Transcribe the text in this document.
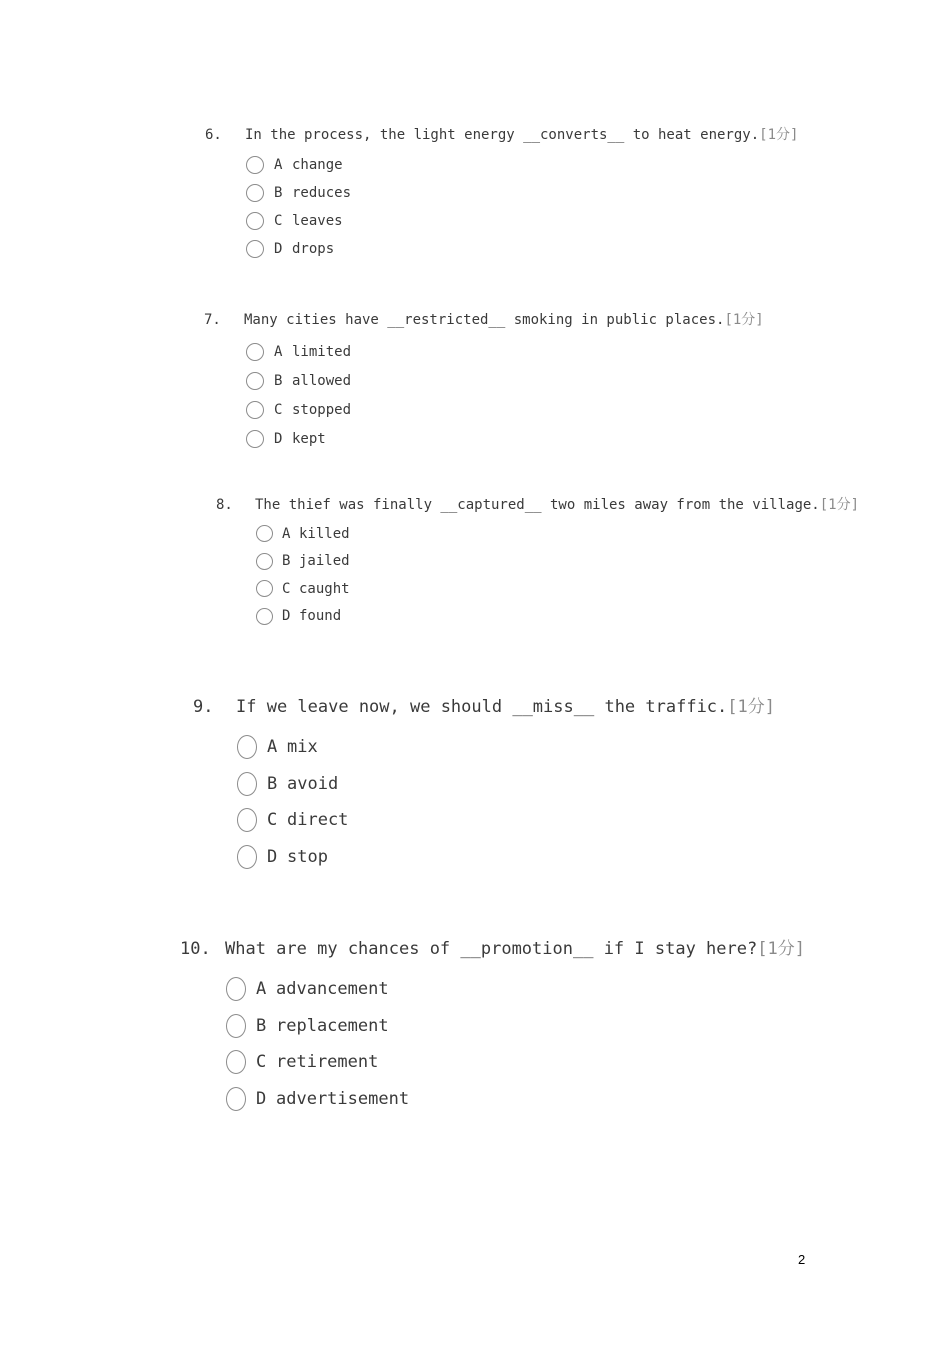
6.	In the process, the light energy __converts__ to heat energy. [1分]
A change
B reduces
C leaves
D drops
7.	Many cities have __restricted__ smoking in public places. [1分]
A limited
B allowed
C stopped
D kept
8.	The thief was finally __captured__ two miles away from the village. [1分]
A killed
B jailed
C caught
D found
9.	If we leave now, we should __miss__ the traffic. [1分]
A mix
B avoid
C direct
D stop
10. What are my chances of __promotion__ if I stay here? [1分]
A advancement
B replacement
C retirement
D advertisement
2
